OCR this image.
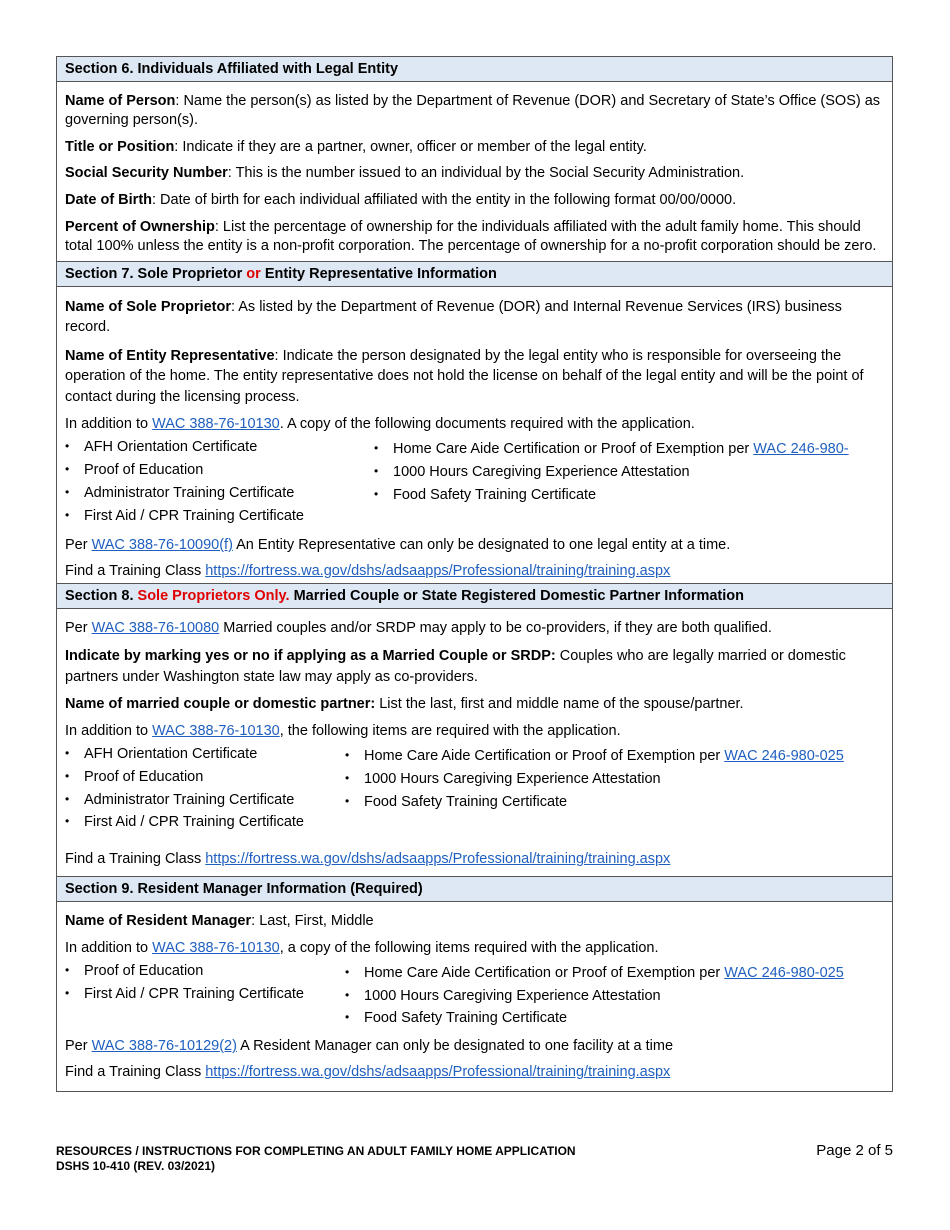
Section 6. Individuals Affiliated with Legal Entity

Name of Person: Name the person(s) as listed by the Department of Revenue (DOR) and Secretary of State’s Office (SOS) as governing person(s).

Title or Position: Indicate if they are a partner, owner, officer or member of the legal entity.

Social Security Number: This is the number issued to an individual by the Social Security Administration.

Date of Birth: Date of birth for each individual affiliated with the entity in the following format 00/00/0000.

Percent of Ownership: List the percentage of ownership for the individuals affiliated with the adult family home. This should total 100% unless the entity is a non-profit corporation. The percentage of ownership for a no-profit corporation should be zero.

Section 7. Sole Proprietor or Entity Representative Information

Name of Sole Proprietor: As listed by the Department of Revenue (DOR) and Internal Revenue Services (IRS) business record.

Name of Entity Representative: Indicate the person designated by the legal entity who is responsible for overseeing the operation of the home. The entity representative does not hold the license on behalf of the legal entity and will be the point of contact during the licensing process.

In addition to WAC 388-76-10130. A copy of the following documents required with the application.

• AFH Orientation Certificate
• Proof of Education
• Administrator Training Certificate
• First Aid / CPR Training Certificate
• Home Care Aide Certification or Proof of Exemption per WAC 246-980-
• 1000 Hours Caregiving Experience Attestation
• Food Safety Training Certificate

Per WAC 388-76-10090(f) An Entity Representative can only be designated to one legal entity at a time.

Find a Training Class https://fortress.wa.gov/dshs/adsaapps/Professional/training/training.aspx

Section 8. Sole Proprietors Only. Married Couple or State Registered Domestic Partner Information

Per WAC 388-76-10080 Married couples and/or SRDP may apply to be co-providers, if they are both qualified.

Indicate by marking yes or no if applying as a Married Couple or SRDP: Couples who are legally married or domestic partners under Washington state law may apply as co-providers.

Name of married couple or domestic partner: List the last, first and middle name of the spouse/partner.

In addition to WAC 388-76-10130, the following items are required with the application.

• AFH Orientation Certificate
• Proof of Education
• Administrator Training Certificate
• First Aid / CPR Training Certificate
• Home Care Aide Certification or Proof of Exemption per WAC 246-980-025
• 1000 Hours Caregiving Experience Attestation
• Food Safety Training Certificate

Find a Training Class https://fortress.wa.gov/dshs/adsaapps/Professional/training/training.aspx

Section 9. Resident Manager Information (Required)

Name of Resident Manager: Last, First, Middle

In addition to WAC 388-76-10130, a copy of the following items required with the application.

• Proof of Education
• First Aid / CPR Training Certificate
• Home Care Aide Certification or Proof of Exemption per WAC 246-980-025
• 1000 Hours Caregiving Experience Attestation
• Food Safety Training Certificate

Per WAC 388-76-10129(2) A Resident Manager can only be designated to one facility at a time

Find a Training Class https://fortress.wa.gov/dshs/adsaapps/Professional/training/training.aspx

RESOURCES / INSTRUCTIONS FOR COMPLETING AN ADULT FAMILY HOME APPLICATION
DSHS 10-410 (REV. 03/2021)
Page 2 of 5
